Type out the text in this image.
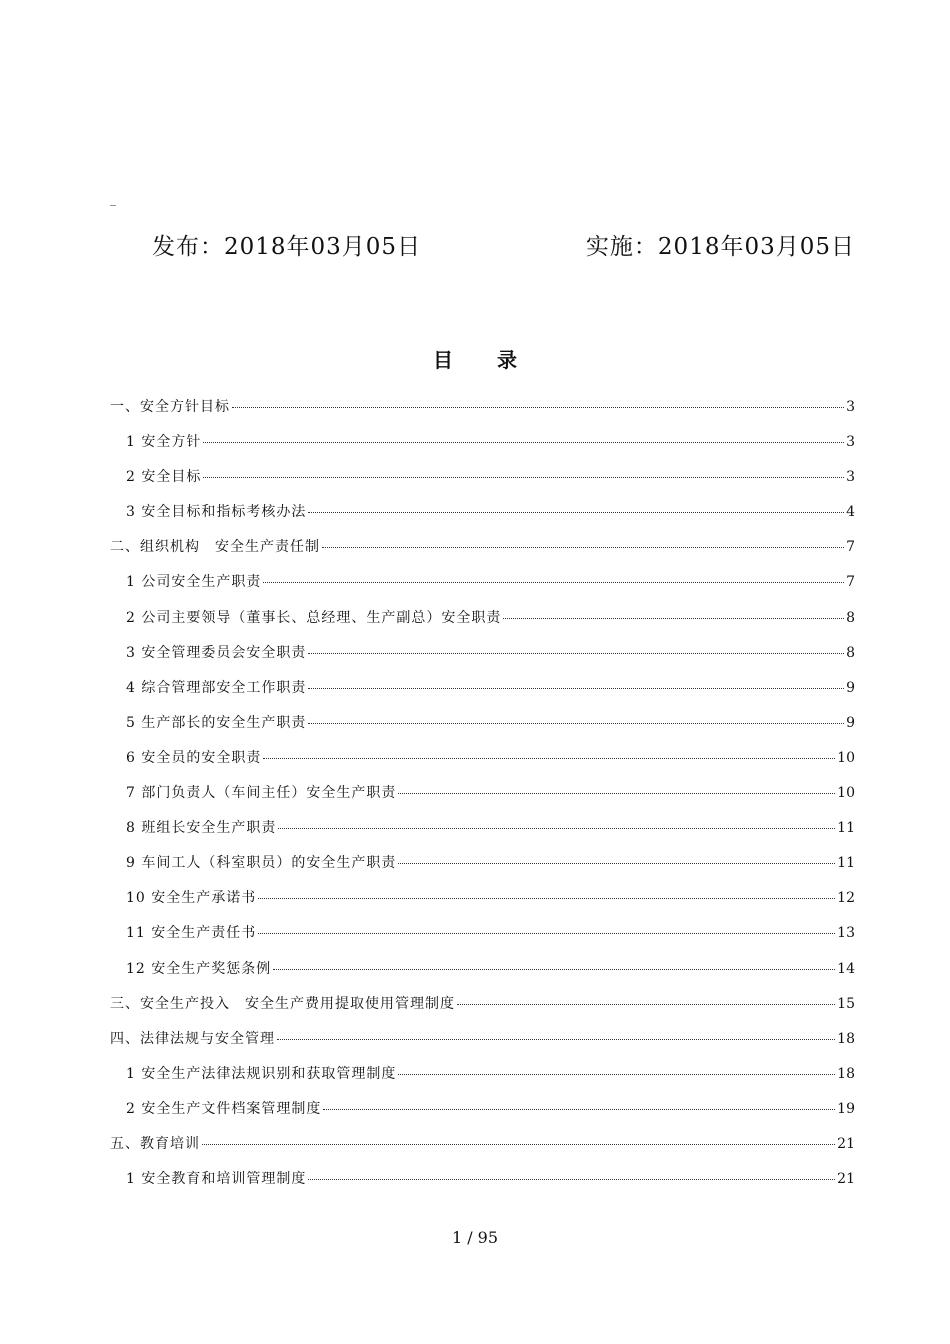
_
发布：2018年03月05日	实施：2018年03月05日
目 录
一、安全方针目标	3
1 安全方针	3
2 安全目标	3
3 安全目标和指标考核办法	4
二、组织机构　安全生产责任制	7
1 公司安全生产职责	7
2 公司主要领导（董事长、总经理、生产副总）安全职责	8
3 安全管理委员会安全职责	8
4 综合管理部安全工作职责	9
5 生产部长的安全生产职责	9
6 安全员的安全职责	10
7 部门负责人（车间主任）安全生产职责	10
8 班组长安全生产职责	11
9 车间工人（科室职员）的安全生产职责	11
10 安全生产承诺书	12
11 安全生产责任书	13
12 安全生产奖惩条例	14
三、安全生产投入　安全生产费用提取使用管理制度	15
四、法律法规与安全管理	18
1 安全生产法律法规识别和获取管理制度	18
2 安全生产文件档案管理制度	19
五、教育培训	21
1 安全教育和培训管理制度	21
1 / 95
